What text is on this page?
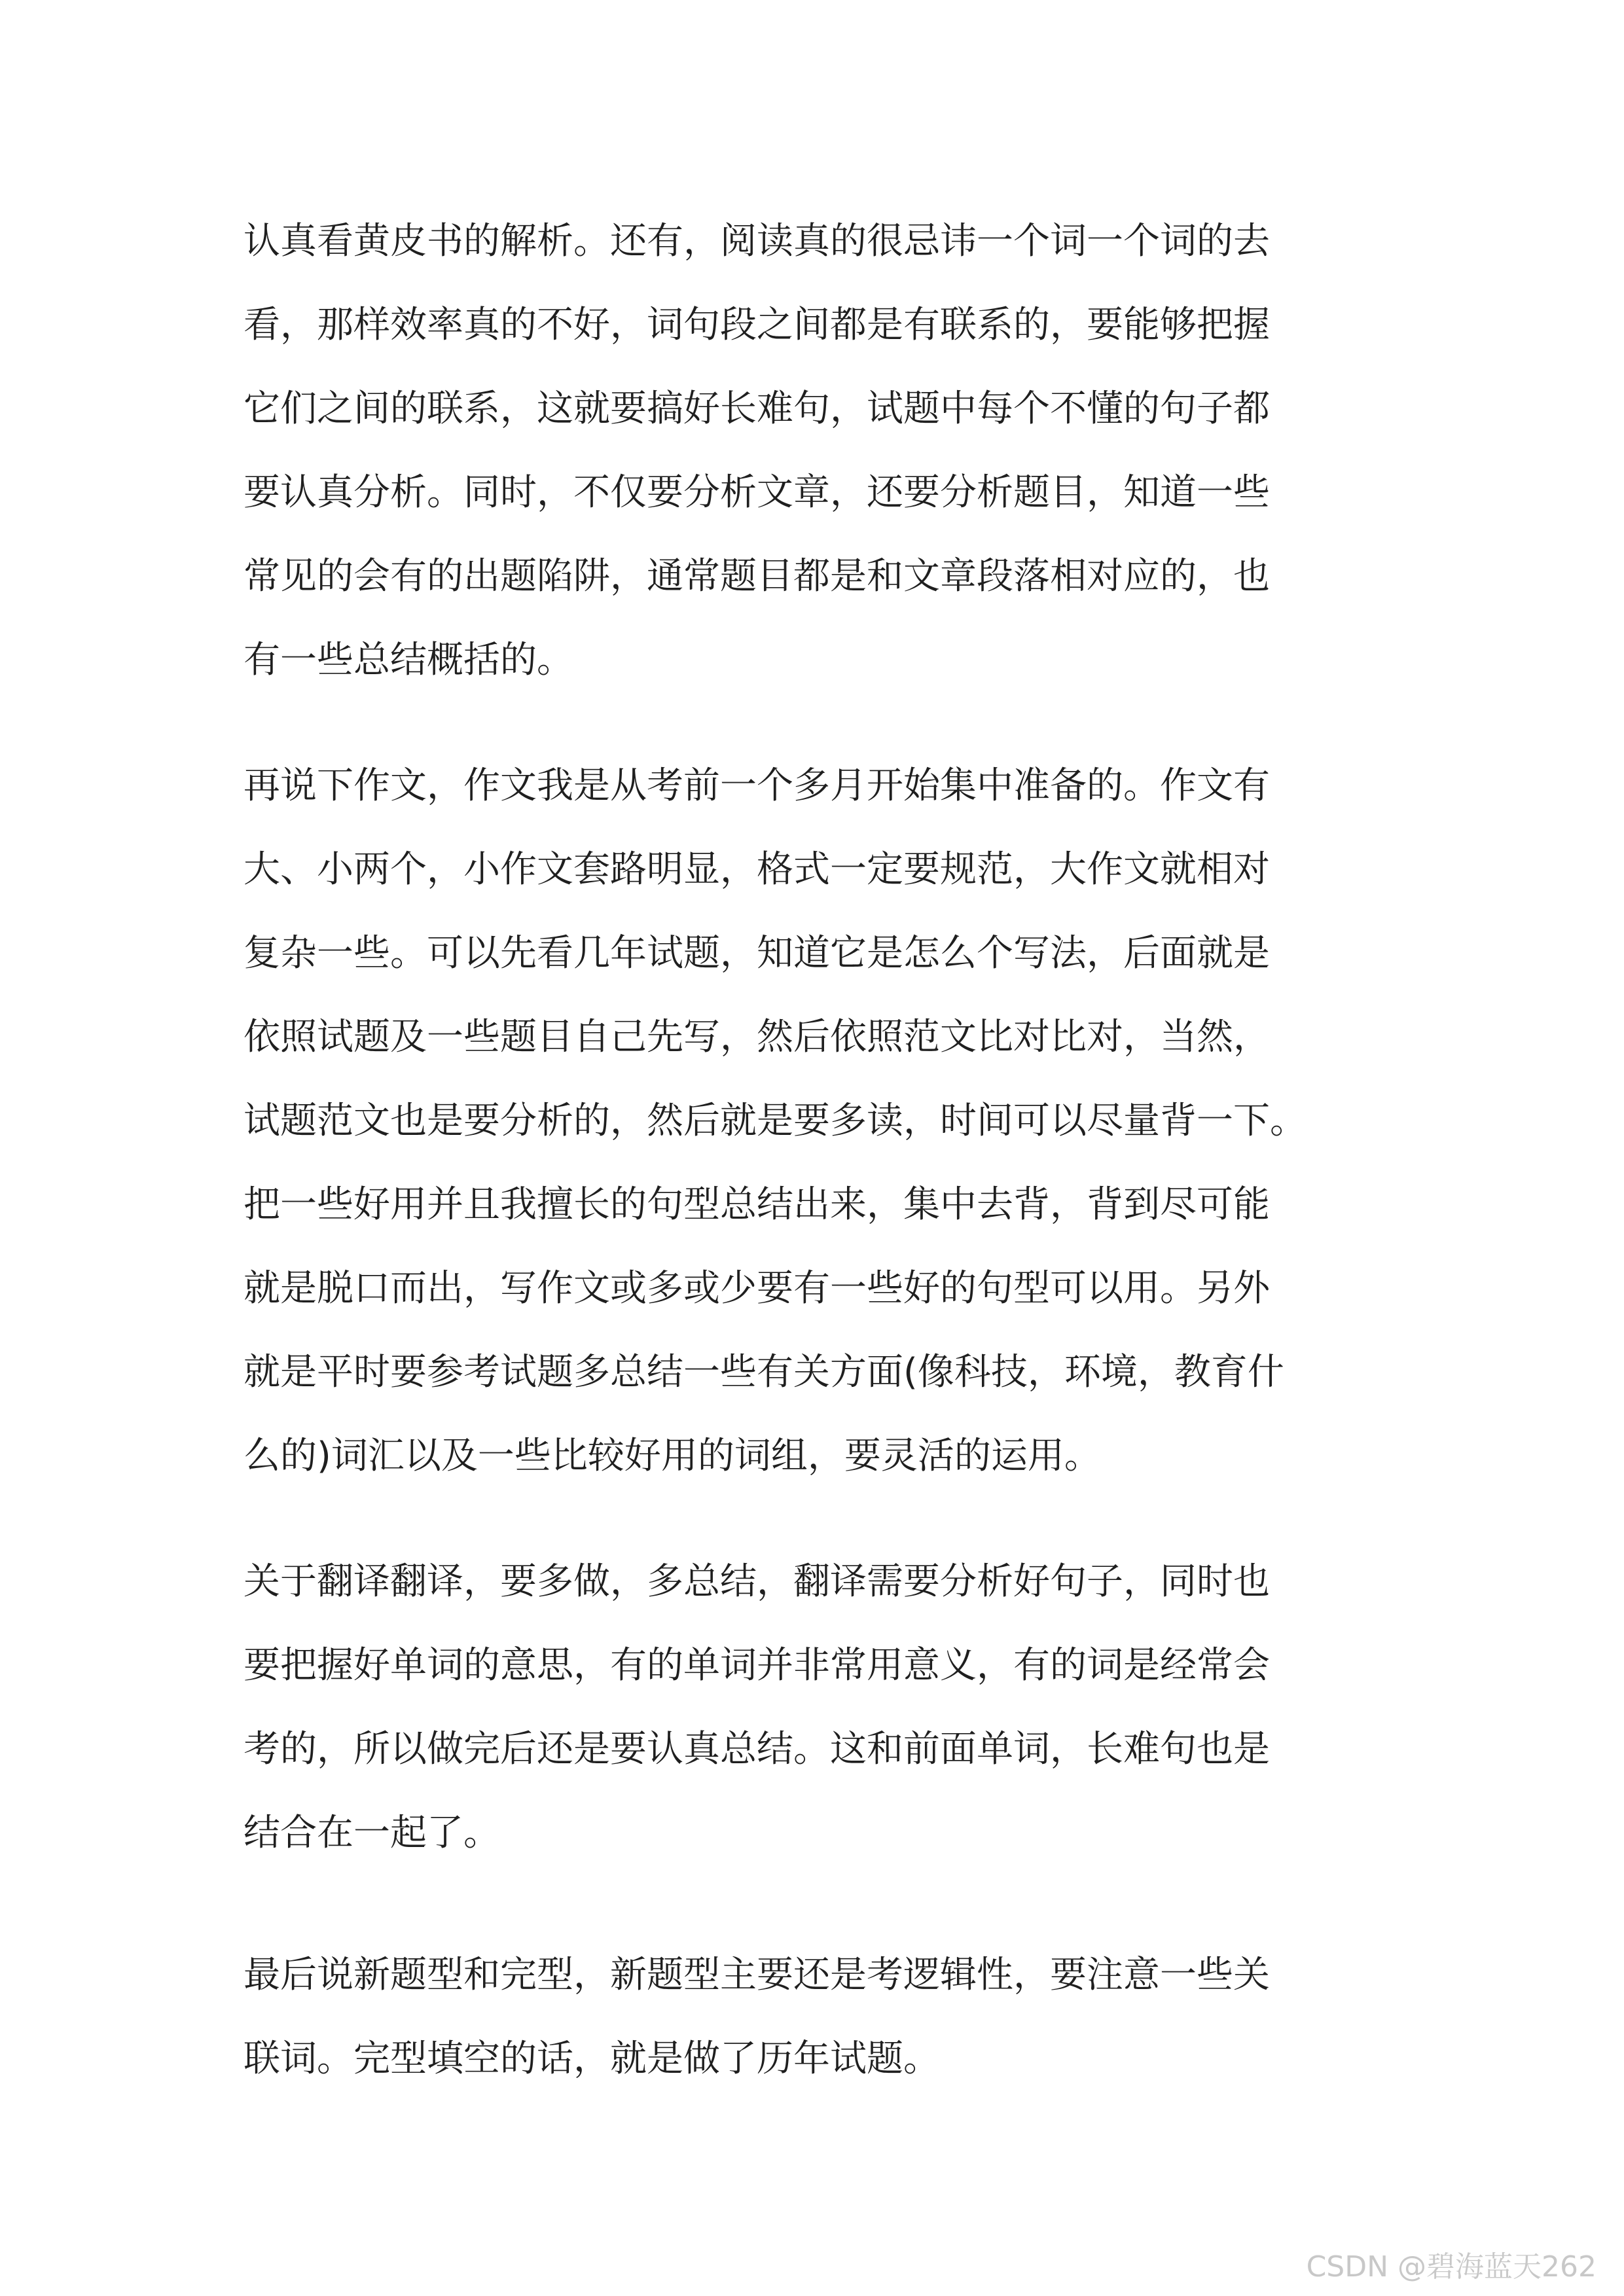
认真看黄皮书的解析。还有，阅读真的很忌讳一个词一个词的去
看，那样效率真的不好，词句段之间都是有联系的，要能够把握
它们之间的联系，这就要搞好长难句，试题中每个不懂的句子都
要认真分析。同时，不仅要分析文章，还要分析题目，知道一些
常见的会有的出题陷阱，通常题目都是和文章段落相对应的，也
有一些总结概括的。
再说下作文，作文我是从考前一个多月开始集中准备的。作文有
大、小两个，小作文套路明显，格式一定要规范，大作文就相对
复杂一些。可以先看几年试题，知道它是怎么个写法，后面就是
依照试题及一些题目自己先写，然后依照范文比对比对，当然，
试题范文也是要分析的，然后就是要多读，时间可以尽量背一下。
把一些好用并且我擅长的句型总结出来，集中去背，背到尽可能
就是脱口而出，写作文或多或少要有一些好的句型可以用。另外
就是平时要参考试题多总结一些有关方面(像科技，环境，教育什
么的)词汇以及一些比较好用的词组，要灵活的运用。
关于翻译翻译，要多做，多总结，翻译需要分析好句子，同时也
要把握好单词的意思，有的单词并非常用意义，有的词是经常会
考的，所以做完后还是要认真总结。这和前面单词，长难句也是
结合在一起了。
最后说新题型和完型，新题型主要还是考逻辑性，要注意一些关
联词。完型填空的话，就是做了历年试题。
CSDN @碧海蓝天262
